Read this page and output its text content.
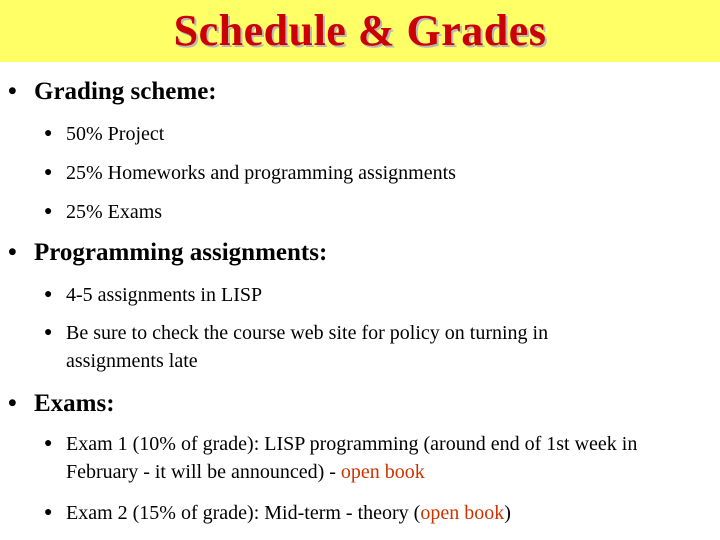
Schedule & Grades
• Grading scheme:
● 50% Project
● 25% Homeworks and programming assignments
● 25% Exams
• Programming assignments:
● 4-5 assignments in LISP
● Be sure to check the course web site for policy on turning in assignments late
• Exams:
● Exam 1 (10% of grade): LISP programming (around end of 1st week in February - it will be announced) - open book
● Exam 2 (15% of grade): Mid-term - theory (open book)
